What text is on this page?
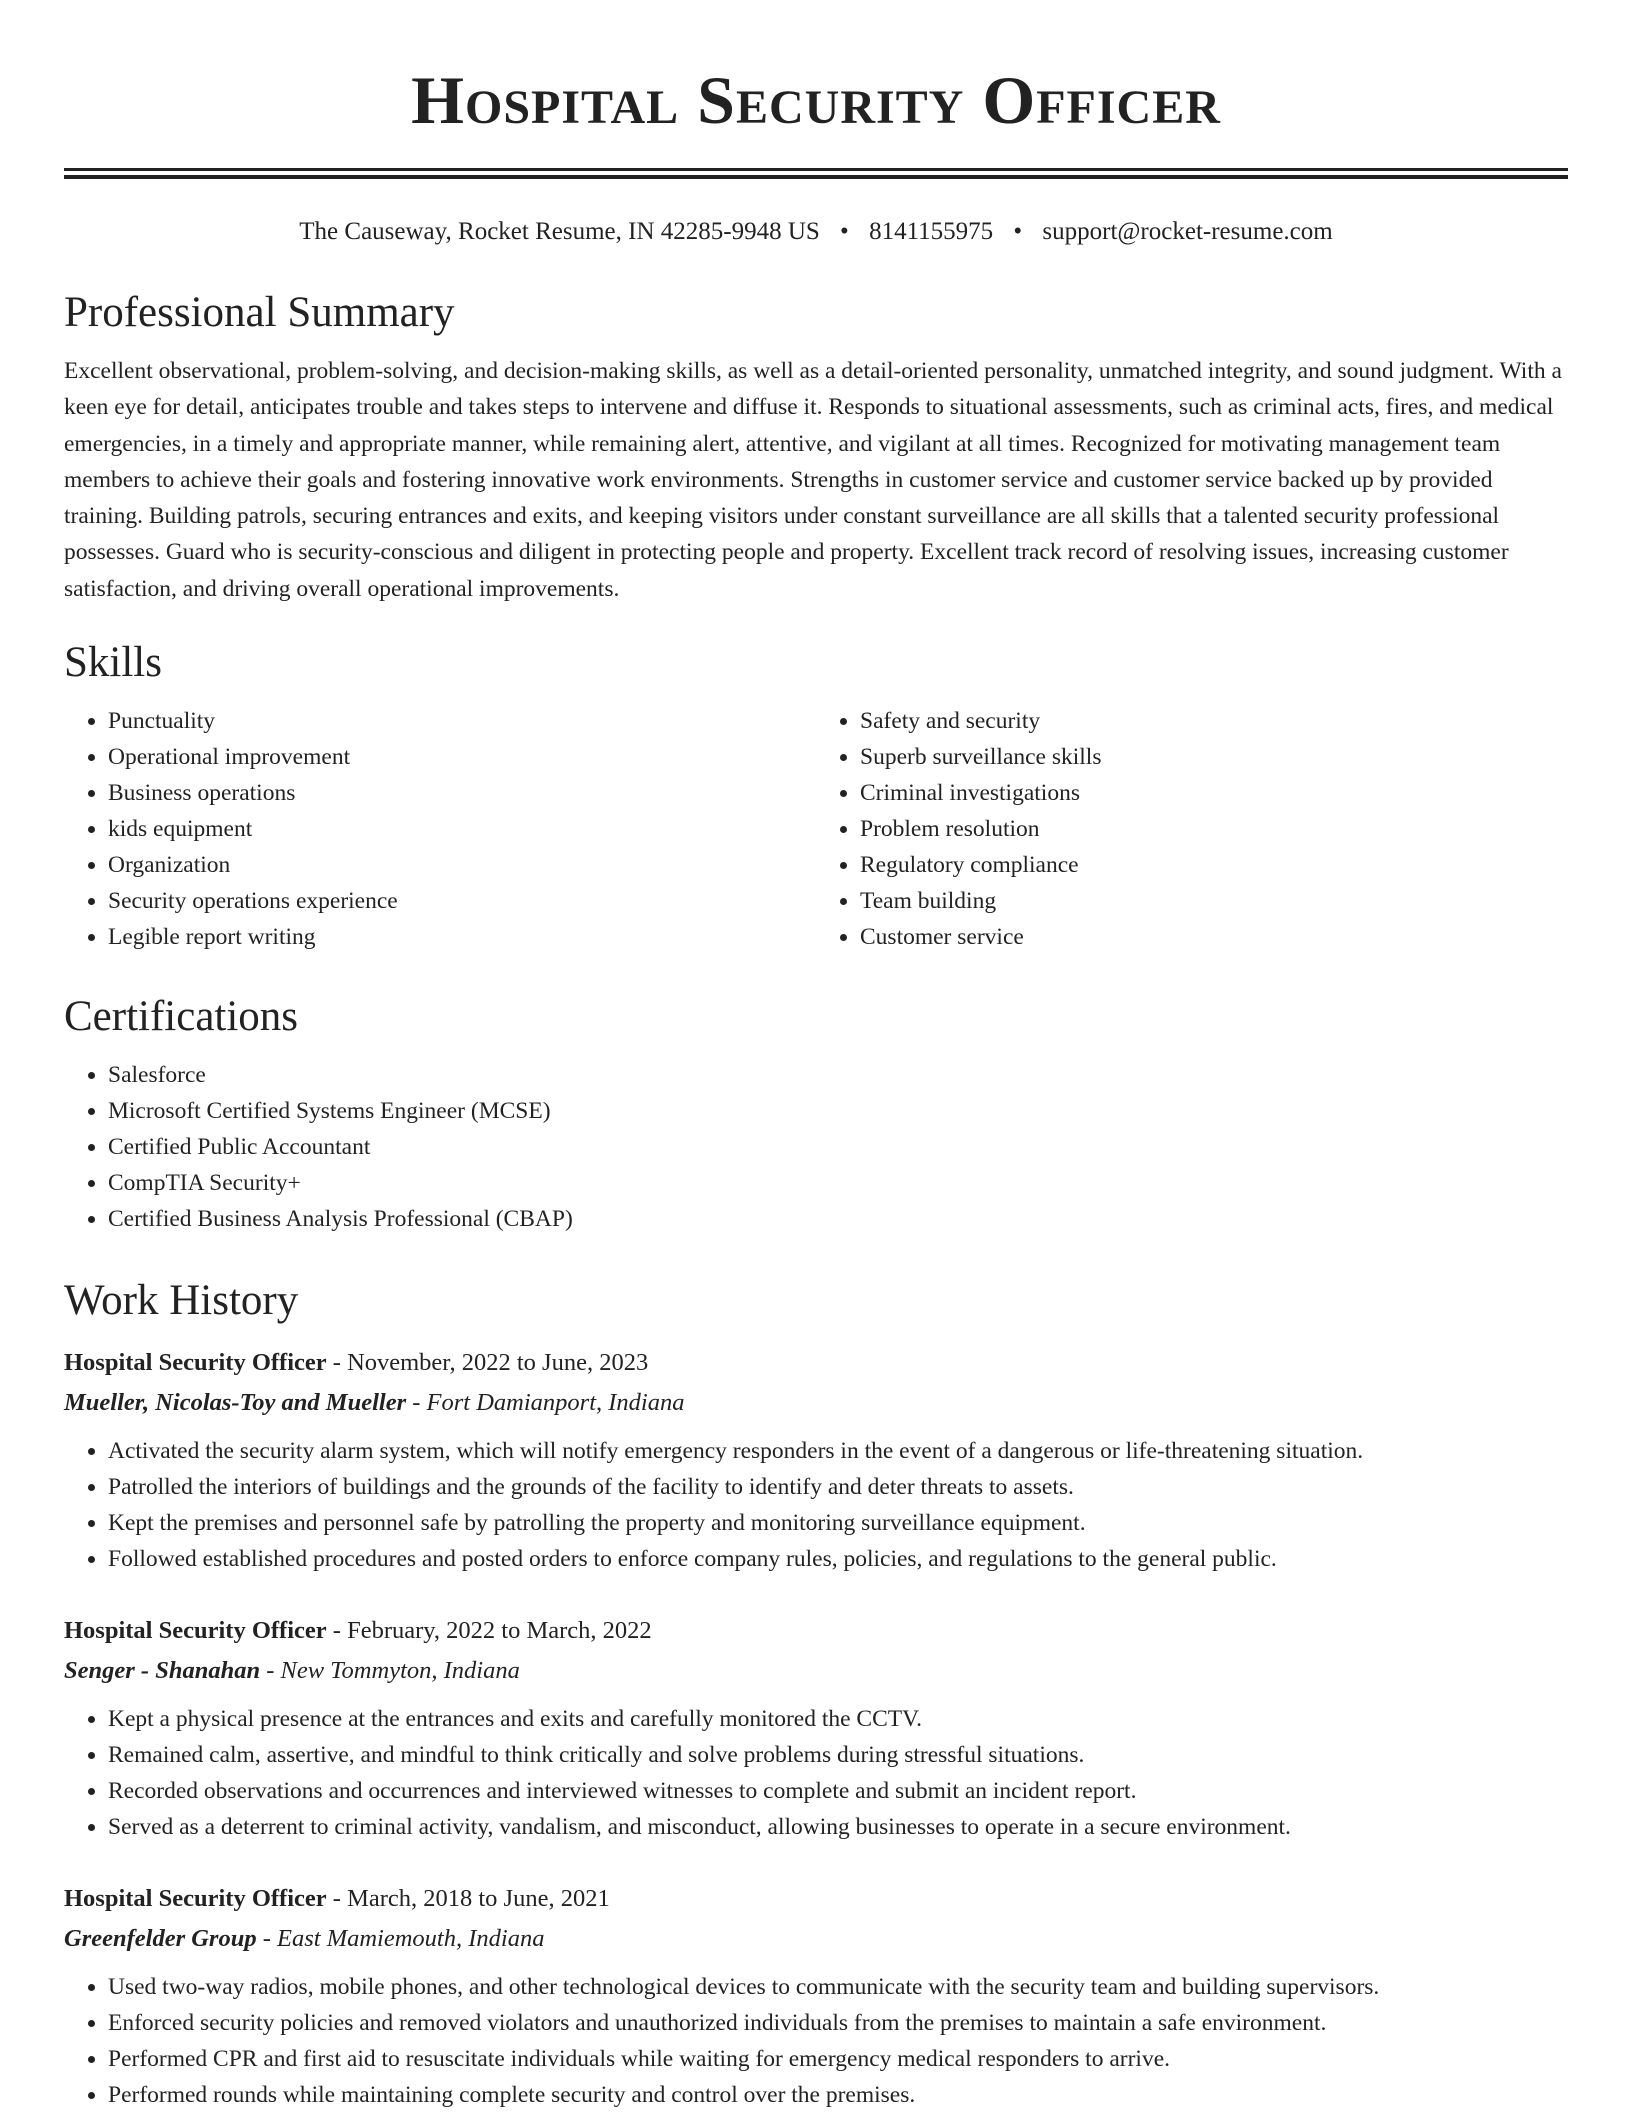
Hospital Security Officer
The Causeway, Rocket Resume, IN 42285-9948 US • 8141155975 • support@rocket-resume.com
Professional Summary

Excellent observational, problem-solving, and decision-making skills, as well as a detail-oriented personality, unmatched integrity, and sound judgment. With a keen eye for detail, anticipates trouble and takes steps to intervene and diffuse it. Responds to situational assessments, such as criminal acts, fires, and medical emergencies, in a timely and appropriate manner, while remaining alert, attentive, and vigilant at all times. Recognized for motivating management team members to achieve their goals and fostering innovative work environments. Strengths in customer service and customer service backed up by provided training. Building patrols, securing entrances and exits, and keeping visitors under constant surveillance are all skills that a talented security professional possesses. Guard who is security-conscious and diligent in protecting people and property. Excellent track record of resolving issues, increasing customer satisfaction, and driving overall operational improvements.

Skills
• Punctuality
• Operational improvement
• Business operations
• kids equipment
• Organization
• Security operations experience
• Legible report writing
• Safety and security
• Superb surveillance skills
• Criminal investigations
• Problem resolution
• Regulatory compliance
• Team building
• Customer service
Certifications
• Salesforce
• Microsoft Certified Systems Engineer (MCSE)
• Certified Public Accountant
• CompTIA Security+
• Certified Business Analysis Professional (CBAP)
Work History
Hospital Security Officer - November, 2022 to June, 2023
Mueller, Nicolas-Toy and Mueller - Fort Damianport, Indiana
• Activated the security alarm system, which will notify emergency responders in the event of a dangerous or life-threatening situation.
• Patrolled the interiors of buildings and the grounds of the facility to identify and deter threats to assets.
• Kept the premises and personnel safe by patrolling the property and monitoring surveillance equipment.
• Followed established procedures and posted orders to enforce company rules, policies, and regulations to the general public.
Hospital Security Officer - February, 2022 to March, 2022
Senger - Shanahan - New Tommyton, Indiana
• Kept a physical presence at the entrances and exits and carefully monitored the CCTV.
• Remained calm, assertive, and mindful to think critically and solve problems during stressful situations.
• Recorded observations and occurrences and interviewed witnesses to complete and submit an incident report.
• Served as a deterrent to criminal activity, vandalism, and misconduct, allowing businesses to operate in a secure environment.
Hospital Security Officer - March, 2018 to June, 2021
Greenfelder Group - East Mamiemouth, Indiana
• Used two-way radios, mobile phones, and other technological devices to communicate with the security team and building supervisors.
• Enforced security policies and removed violators and unauthorized individuals from the premises to maintain a safe environment.
• Performed CPR and first aid to resuscitate individuals while waiting for emergency medical responders to arrive.
• Performed rounds while maintaining complete security and control over the premises.
